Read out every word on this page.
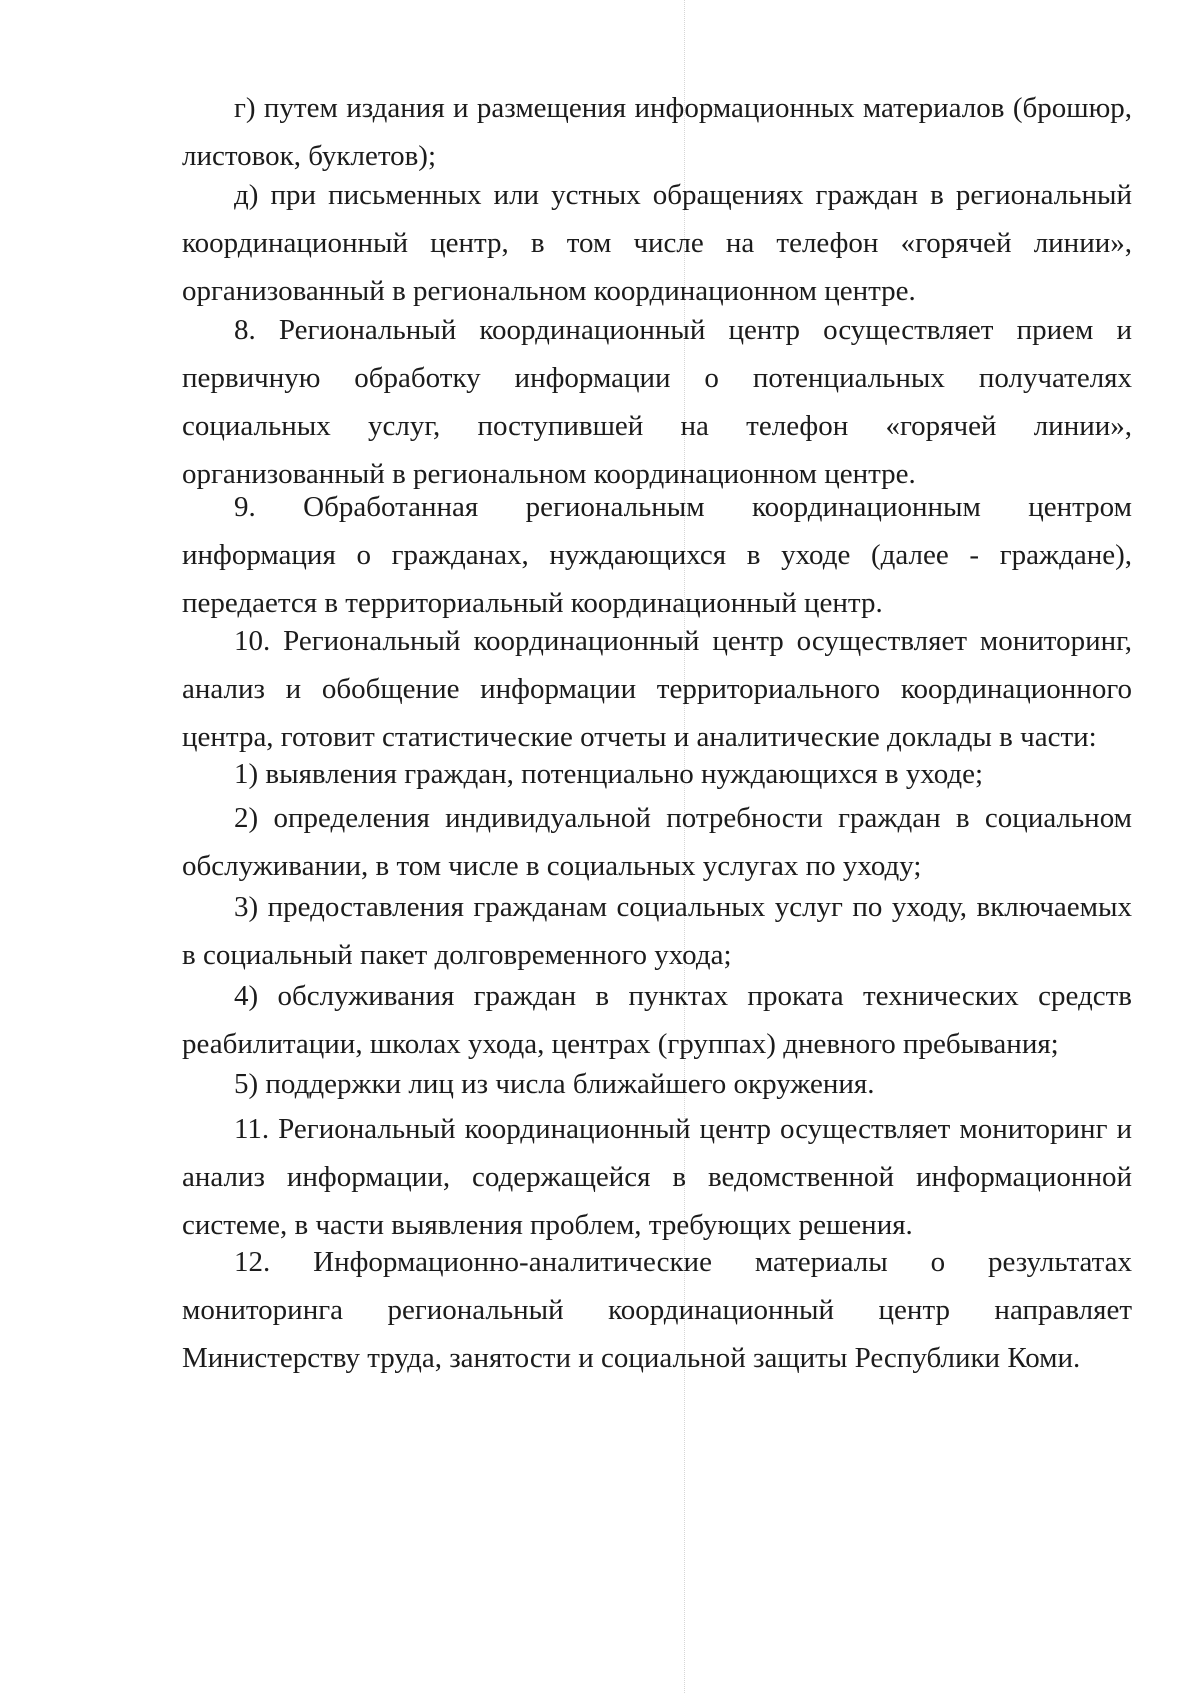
г) путем издания и размещения информационных материалов (брошюр, листовок, буклетов);

д) при письменных или устных обращениях граждан в региональный координационный центр, в том числе на телефон «горячей линии», организованный в региональном координационном центре.

8. Региональный координационный центр осуществляет прием и первичную обработку информации о потенциальных получателях социальных услуг, поступившей на телефон «горячей линии», организованный в региональном координационном центре.

9. Обработанная региональным координационным центром информация о гражданах, нуждающихся в уходе (далее - граждане), передается в территориальный координационный центр.

10. Региональный координационный центр осуществляет мониторинг, анализ и обобщение информации территориального координационного центра, готовит статистические отчеты и аналитические доклады в части:

1) выявления граждан, потенциально нуждающихся в уходе;

2) определения индивидуальной потребности граждан в социальном обслуживании, в том числе в социальных услугах по уходу;

3) предоставления гражданам социальных услуг по уходу, включаемых в социальный пакет долговременного ухода;

4) обслуживания граждан в пунктах проката технических средств реабилитации, школах ухода, центрах (группах) дневного пребывания;

5) поддержки лиц из числа ближайшего окружения.

11. Региональный координационный центр осуществляет мониторинг и анализ информации, содержащейся в ведомственной информационной системе, в части выявления проблем, требующих решения.

12. Информационно-аналитические материалы о результатах мониторинга региональный координационный центр направляет Министерству труда, занятости и социальной защиты Республики Коми.
